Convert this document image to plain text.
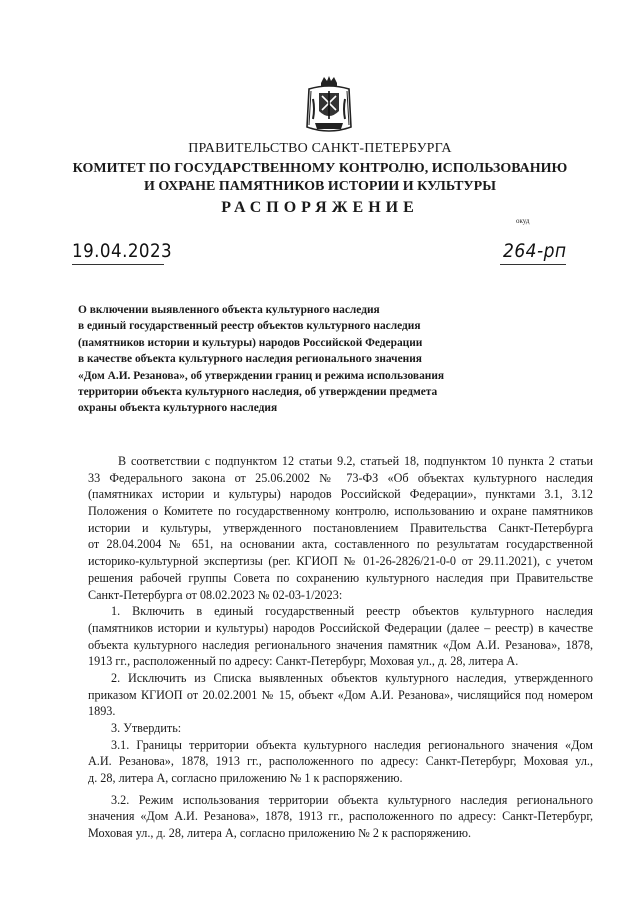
ПРАВИТЕЛЬСТВО САНКТ-ПЕТЕРБУРГА
КОМИТЕТ ПО ГОСУДАРСТВЕННОМУ КОНТРОЛЮ, ИСПОЛЬЗОВАНИЮ
И ОХРАНЕ ПАМЯТНИКОВ ИСТОРИИ И КУЛЬТУРЫ
РАСПОРЯЖЕНИЕ
окуд
19.04.2023	264-рп
О включении выявленного объекта культурного наследия
в единый государственный реестр объектов культурного наследия
(памятников истории и культуры) народов Российской Федерации
в качестве объекта культурного наследия регионального значения
«Дом А.И. Резанова», об утверждении границ и режима использования
территории объекта культурного наследия, об утверждении предмета
охраны объекта культурного наследия
В соответствии с подпунктом 12 статьи 9.2, статьей 18, подпунктом 10 пункта 2 статьи
33 Федерального закона от 25.06.2002 № 73-ФЗ «Об объектах культурного наследия
(памятниках истории и культуры) народов Российской Федерации», пунктами 3.1, 3.12
Положения о Комитете по государственному контролю, использованию и охране памятников
истории и культуры, утвержденного постановлением Правительства Санкт-Петербурга
от 28.04.2004 № 651, на основании акта, составленного по результатам государственной
историко-культурной экспертизы (рег. КГИОП № 01-26-2826/21-0-0 от 29.11.2021), с учетом
решения рабочей группы Совета по сохранению культурного наследия при Правительстве
Санкт-Петербурга от 08.02.2023 № 02-03-1/2023:
1. Включить в единый государственный реестр объектов культурного наследия
(памятников истории и культуры) народов Российской Федерации (далее – реестр) в качестве
объекта культурного наследия регионального значения памятник «Дом А.И. Резанова», 1878,
1913 гг., расположенный по адресу: Санкт-Петербург, Моховая ул., д. 28, литера А.
2. Исключить из Списка выявленных объектов культурного наследия, утвержденного
приказом КГИОП от 20.02.2001 № 15, объект «Дом А.И. Резанова», числящийся под номером
1893.
3. Утвердить:
3.1. Границы территории объекта культурного наследия регионального значения «Дом
А.И. Резанова», 1878, 1913 гг., расположенного по адресу: Санкт-Петербург, Моховая ул.,
д. 28, литера А, согласно приложению № 1 к распоряжению.
3.2. Режим использования территории объекта культурного наследия регионального
значения «Дом А.И. Резанова», 1878, 1913 гг., расположенного по адресу: Санкт-Петербург,
Моховая ул., д. 28, литера А, согласно приложению № 2 к распоряжению.
